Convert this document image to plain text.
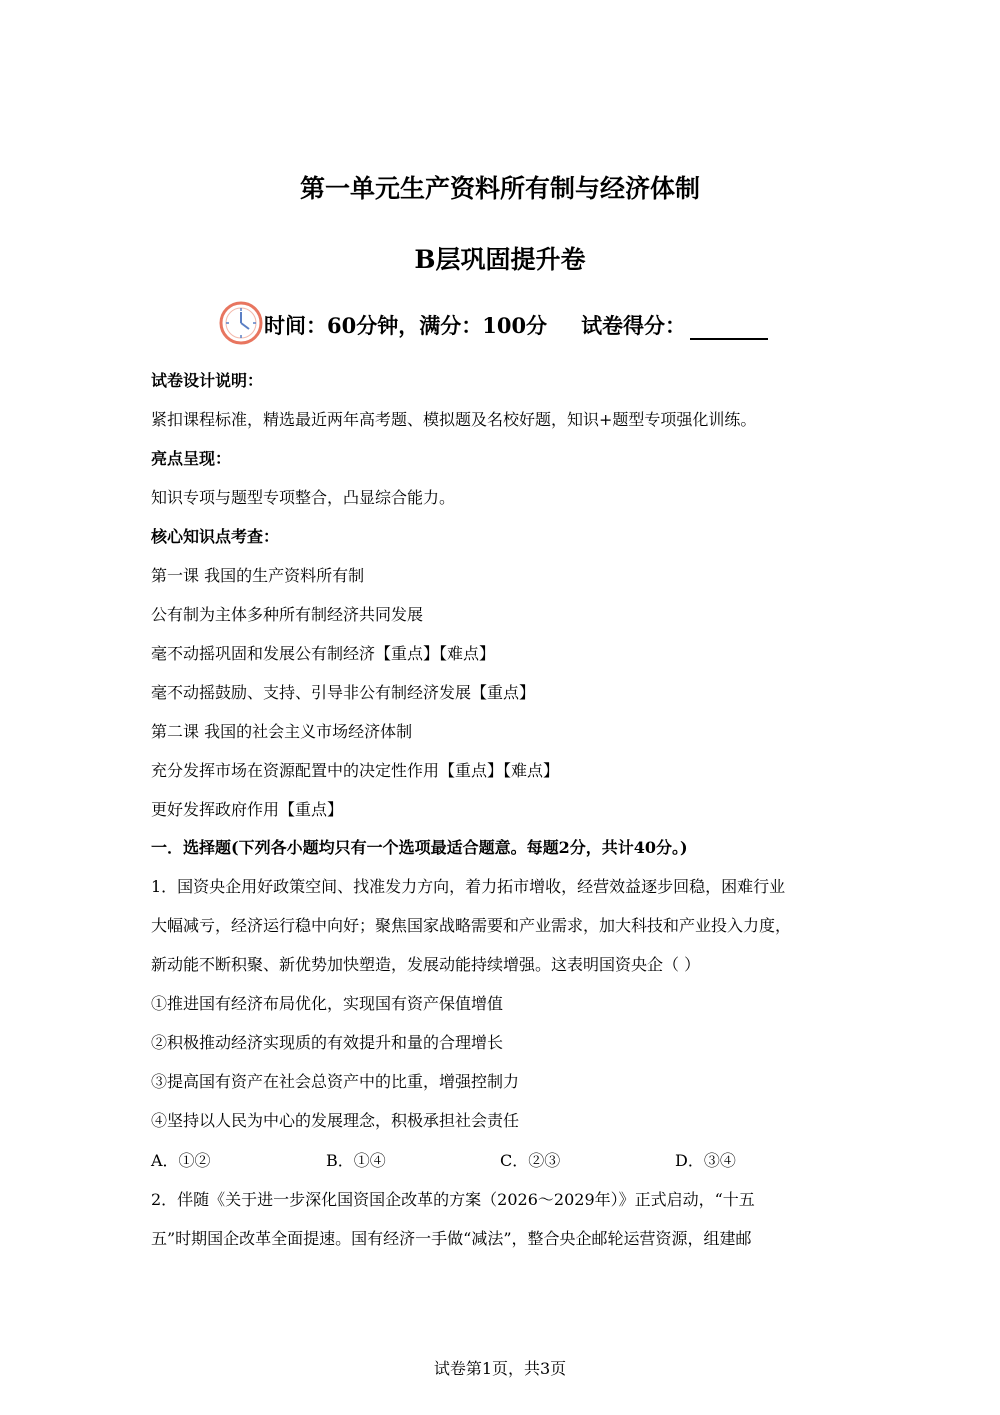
第一单元生产资料所有制与经济体制
B层巩固提升卷
时间：60分钟，满分：100分 试卷得分：
试卷设计说明：
紧扣课程标准，精选最近两年高考题、模拟题及名校好题，知识+题型专项强化训练。
亮点呈现：
知识专项与题型专项整合，凸显综合能力。
核心知识点考查：
第一课 我国的生产资料所有制
公有制为主体多种所有制经济共同发展
毫不动摇巩固和发展公有制经济【重点】【难点】
毫不动摇鼓励、支持、引导非公有制经济发展【重点】
第二课 我国的社会主义市场经济体制
充分发挥市场在资源配置中的决定性作用【重点】【难点】
更好发挥政府作用【重点】
一．选择题(下列各小题均只有一个选项最适合题意。每题2分，共计40分。)
1．国资央企用好政策空间、找准发力方向，着力拓市增收，经营效益逐步回稳，困难行业
大幅减亏，经济运行稳中向好；聚焦国家战略需要和产业需求，加大科技和产业投入力度，
新动能不断积聚、新优势加快塑造，发展动能持续增强。这表明国资央企（ ）
①推进国有经济布局优化，实现国有资产保值增值
②积极推动经济实现质的有效提升和量的合理增长
③提高国有资产在社会总资产中的比重，增强控制力
④坚持以人民为中心的发展理念，积极承担社会责任
A．①②	B．①④	C．②③	D．③④
2．伴随《关于进一步深化国资国企改革的方案（2026～2029年）》正式启动，“十五
五”时期国企改革全面提速。国有经济一手做“减法”，整合央企邮轮运营资源，组建邮
试卷第1页，共3页
